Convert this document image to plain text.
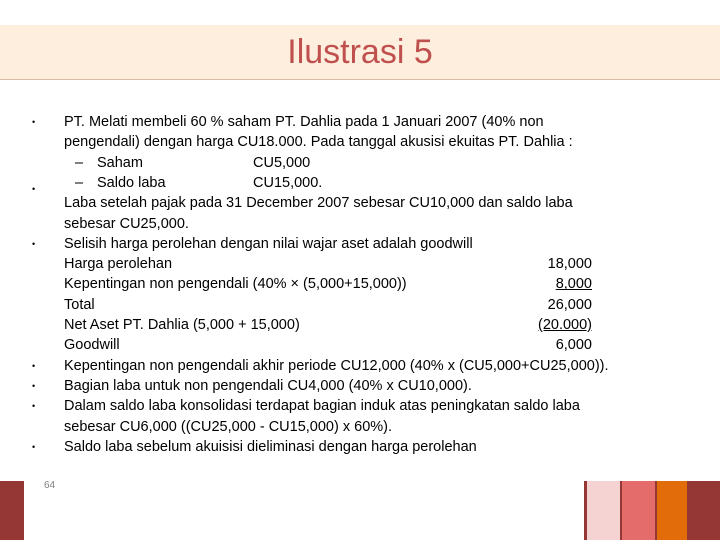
Ilustrasi 5
• PT. Melati membeli 60 % saham PT. Dahlia pada 1 Januari 2007 (40% non
pengendali) dengan harga CU18.000. Pada tanggal akusisi ekuitas PT. Dahlia :
– Saham	CU5,000
•	– Saldo laba	CU15,000.
Laba setelah pajak pada 31 December 2007 sebesar CU10,000 dan saldo laba
sebesar CU25,000.
• Selisih harga perolehan dengan nilai wajar aset adalah goodwill
Harga perolehan	18,000
Kepentingan non pengendali (40% × (5,000+15,000))	8,000
Total	26,000
Net Aset PT. Dahlia (5,000 + 15,000)	(20.000)
Goodwill	6,000
• Kepentingan non pengendali akhir periode CU12,000 (40% x (CU5,000+CU25,000)).
• Bagian laba untuk non pengendali CU4,000 (40% x CU10,000).
• Dalam saldo laba konsolidasi terdapat bagian induk atas peningkatan saldo laba
sebesar CU6,000 ((CU25,000 - CU15,000) x 60%).
• Saldo laba sebelum akuisisi dieliminasi dengan harga perolehan
64
